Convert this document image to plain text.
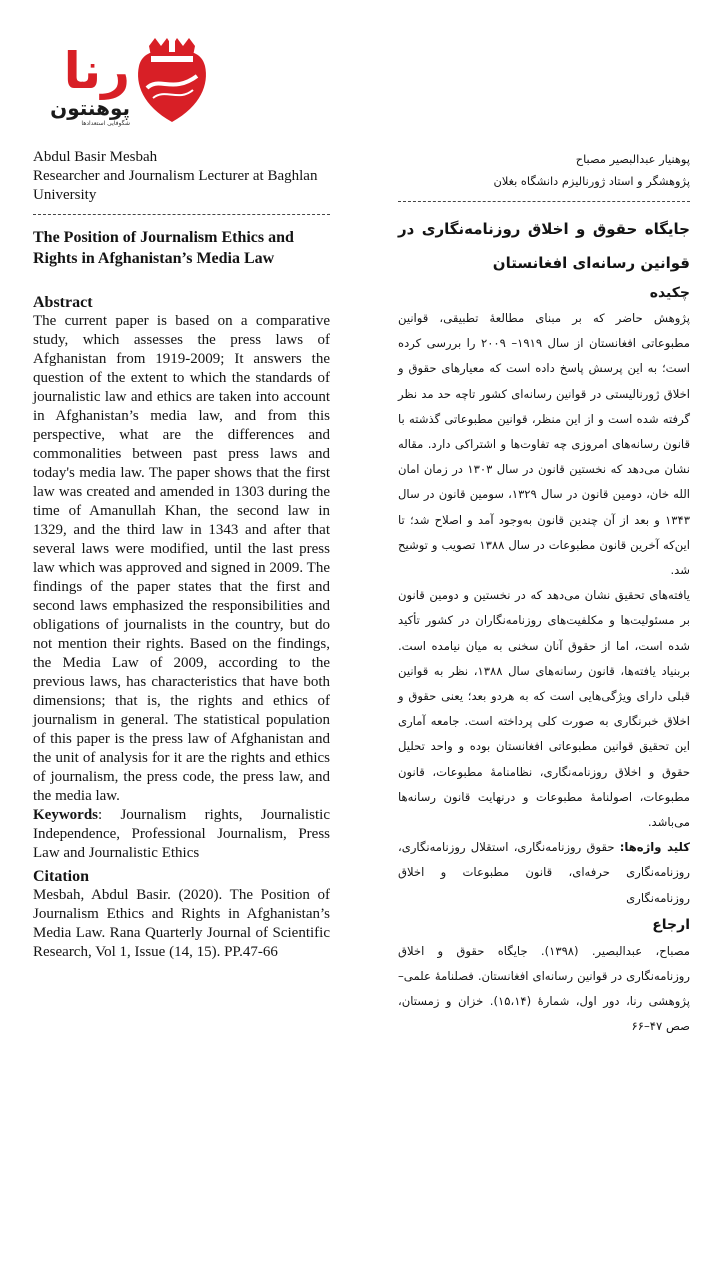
رنا
پوهنتون
شگوفایی استعدادها

Abdul Basir Mesbah

Researcher and Journalism Lecturer at Baghlan University

The Position of Journalism Ethics and Rights in Afghanistan’s Media Law

Abstract

The current paper is based on a comparative study, which assesses the press laws of Afghanistan from 1919-2009; It answers the question of the extent to which the standards of journalistic law and ethics are taken into account in Afghanistan’s media law, and from this perspective, what are the differences and commonalities between past press laws and today's media law. The paper shows that the first law was created and amended in 1303 during the time of Amanullah Khan, the second law in 1329, and the third law in 1343 and after that several laws were modified, until the last press law which was approved and signed in 2009. The findings of the paper states that the first and second laws emphasized the responsibilities and obligations of journalists in the country, but do not mention their rights. Based on the findings, the Media Law of 2009, according to the previous laws, has characteristics that have both dimensions; that is, the rights and ethics of journalism in general. The statistical population of this paper is the press law of Afghanistan and the unit of analysis for it are the rights and ethics of journalism, the press code, the press law, and the media law.

Keywords: Journalism rights, Journalistic Independence, Professional Journalism, Press Law and Journalistic Ethics

Citation

Mesbah, Abdul Basir. (2020). The Position of Journalism Ethics and Rights in Afghanistan’s Media Law. Rana Quarterly Journal of Scientific Research, Vol 1, Issue (14, 15). PP.47-66

پوهنیار عبدالبصیر مصباح

پژوهشگر و استاد ژورنالیزم دانشگاه بغلان

جایگاه حقوق و اخلاق روزنامه‌نگاری در قوانین رسانه‌ای افغانستان

چکیده

پژوهش حاضر که بر مبنای مطالعهٔ تطبیقی، قوانین مطبوعاتی افغانستان از سال ۱۹۱۹– ۲۰۰۹ را بررسی کرده است؛ به این پرسش پاسخ داده است که معیارهای حقوق و اخلاق ژورنالیستی در قوانین رسانه‌ای کشور تاچه حد مد نظر گرفته شده است و از این منظر، قوانین مطبوعاتی گذشته با قانون رسانه‌های امروزی چه تفاوت‌ها و اشتراکی دارد. مقاله نشان می‌دهد که نخستین قانون در سال ۱۳۰۳ در زمان امان الله خان، دومین قانون در سال ۱۳۲۹، سومین قانون در سال ۱۳۴۳ و بعد از آن چندین قانون به‌وجود آمد و اصلاح شد؛ تا این‌که آخرین قانون مطبوعات در سال ۱۳۸۸ تصویب و توشیح شد.

یافته‌های تحقیق نشان می‌دهد که در نخستین و دومین قانون بر مسئولیت‌ها و مکلفیت‌های روزنامه‌نگاران در کشور تأکید شده است، اما از حقوق آنان سخنی به میان نیامده است. بربنیاد یافته‌ها، قانون رسانه‌های سال ۱۳۸۸، نظر به قوانین قبلی دارای ویژگی‌هایی است که به هردو بعد؛ یعنی حقوق و اخلاق خبرنگاری به صورت کلی پرداخته است. جامعه آماری این تحقیق قوانین مطبوعاتی افغانستان بوده و واحد تحلیل حقوق و اخلاق روزنامه‌نگاری، نظامنامهٔ مطبوعات، قانون مطبوعات، اصولنامهٔ مطبوعات و درنهایت قانون رسانه‌ها می‌باشد.

کلید واژه‌ها: حقوق روزنامه‌نگاری، استقلال روزنامه‌نگاری، روزنامه‌نگاری حرفه‌ای، قانون مطبوعات و اخلاق روزنامه‌نگاری

ارجاع

مصباح، عبدالبصیر. (۱۳۹۸). جایگاه حقوق و اخلاق روزنامه‌نگاری در قوانین رسانه‌ای افغانستان. فصلنامهٔ علمی– پژوهشی رنا، دور اول، شمارهٔ (۱۵،۱۴). خزان و زمستان، صص ۴۷–۶۶
